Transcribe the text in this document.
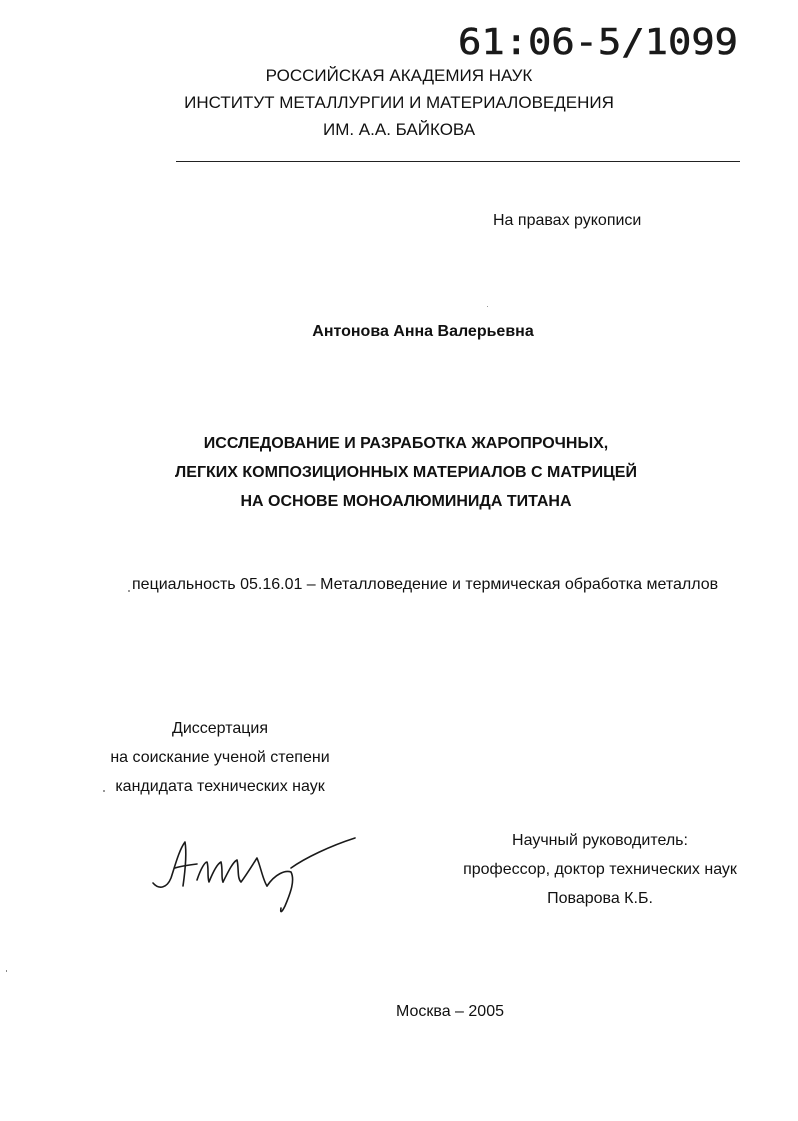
61:06-5/1099
РОССИЙСКАЯ АКАДЕМИЯ НАУК
ИНСТИТУТ МЕТАЛЛУРГИИ И МАТЕРИАЛОВЕДЕНИЯ
ИМ. А.А. БАЙКОВА
На правах рукописи
Антонова Анна Валерьевна
ИССЛЕДОВАНИЕ И РАЗРАБОТКА ЖАРОПРОЧНЫХ,
ЛЕГКИХ КОМПОЗИЦИОННЫХ МАТЕРИАЛОВ С МАТРИЦЕЙ
НА ОСНОВЕ МОНОАЛЮМИНИДА ТИТАНА
пециальность 05.16.01 – Металловедение и термическая обработка металлов
Диссертация
на соискание ученой степени
кандидата технических наук
Научный руководитель:
профессор, доктор технических наук
Поварова К.Б.
Москва – 2005
